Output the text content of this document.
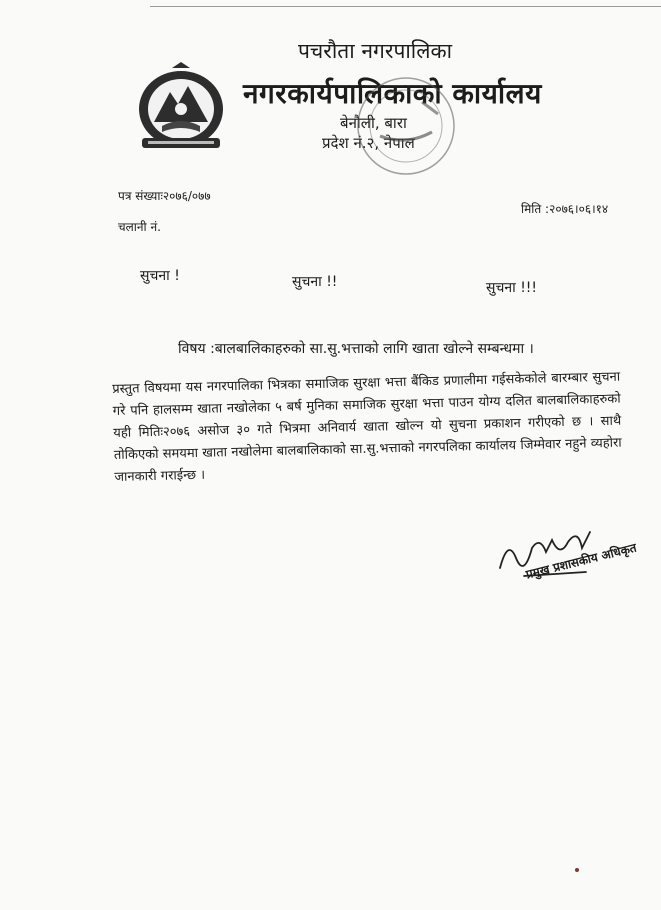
पचरौता नगरपालिका
नगरकार्यपालिकाको कार्यालय
बेनौली, बारा
प्रदेश नं.२, नेपाल
पत्र संख्याः२०७६/०७७
मिति :२०७६।०६।१४
चलानी नं.
सुचना !	सुचना !!	सुचना !!!
विषय :बालबालिकाहरुको सा.सु.भत्ताको लागि खाता खोल्ने सम्बन्धमा ।
प्रस्तुत विषयमा यस नगरपालिका भित्रका समाजिक सुरक्षा भत्ता बैंकिड प्रणालीमा गईसकेकोले बारम्बार सुचना गरे पनि हालसम्म खाता नखोलेका ५ बर्ष मुनिका समाजिक सुरक्षा भत्ता पाउन योग्य दलित बालबालिकाहरुको यही मितिः२०७६ असोज ३० गते भित्रमा अनिवार्य खाता खोल्न यो सुचना प्रकाशन गरीएको छ । साथै तोकिएको समयमा खाता नखोलेमा बालबालिकाको सा.सु.भत्ताको नगरपलिका कार्यालय जिम्मेवार नहुने व्यहोरा जानकारी गराईन्छ ।
प्रमुख प्रशासकीय अधिकृत
